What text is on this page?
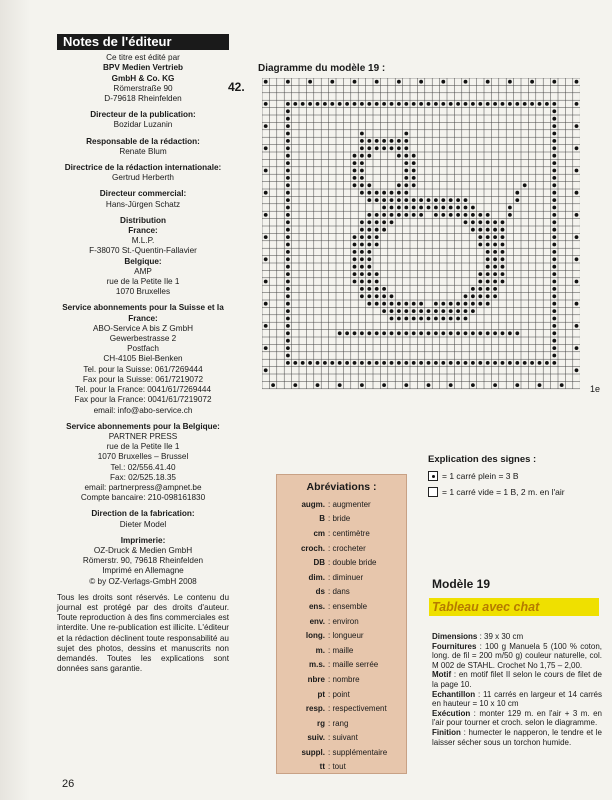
Notes de l'éditeur
Ce titre est édité par
BPV Medien Vertrieb
GmbH & Co. KG
Römerstraße 90
D-79618 Rheinfelden
Directeur de la publication:
Bozidar Luzanin
Responsable de la rédaction:
Renate Blum
Directrice de la rédaction internationale:
Gertrud Herberth
Directeur commercial:
Hans-Jürgen Schatz
Distribution
France:
M.L.P.
F-38070 St.-Quentin-Fallavier
Belgique:
AMP
rue de la Petite Ile 1
1070 Bruxelles
Service abonnements pour la Suisse et la France:
ABO-Service A bis Z GmbH
Gewerbestrasse 2
Postfach
CH-4105 Biel-Benken
Tel. pour la Suisse: 061/7269444
Fax pour la Suisse: 061/7219072
Tel. pour la France: 0041/61/7269444
Fax pour la France: 0041/61/7219072
email: info@abo-service.ch
Service abonnements pour la Belgique:
PARTNER PRESS
rue de la Petite Ile 1
1070 Bruxelles – Brussel
Tel.: 02/556.41.40
Fax: 02/525.18.35
email: partnerpress@ampnet.be
Compte bancaire: 210-098161830
Direction de la fabrication:
Dieter Model
Imprimerie:
OZ-Druck & Medien GmbH
Römerstr. 90, 79618 Rheinfelden
Imprimé en Allemagne
© by OZ-Verlags-GmbH 2008
Tous les droits sont réservés. Le contenu du journal est protégé par des droits d'auteur. Toute reproduction à des fins commerciales est interdite. Une re-publication est illicite. L'éditeur et la rédaction déclinent toute responsabilité au sujet des photos, dessins et manuscrits non demandés. Toutes les explications sont données sans garantie.
26
Diagramme du modèle 19 :
42.
1e
Explication des signes :
= 1 carré plein = 3 B
= 1 carré vide = 1 B, 2 m. en l'air
Abréviations :
augm. : augmenter
B : bride
cm : centimètre
croch. : crocheter
DB : double bride
dim. : diminuer
ds : dans
ens. : ensemble
env. : environ
long. : longueur
m. : maille
m.s. : maille serrée
nbre : nombre
pt : point
resp. : respectivement
rg : rang
suiv. : suivant
suppl. : supplémentaire
tt : tout
Modèle 19
Tableau avec chat
Dimensions : 39 x 30 cm
Fournitures : 100 g Manuela 5 (100 % coton, long. de fil = 200 m/50 g) couleur naturelle, col. M 002 de STAHL. Crochet No 1,75 – 2,00.
Motif : en motif filet II selon le cours de filet de la page 10.
Echantillon : 11 carrés en largeur et 14 carrés en hauteur = 10 x 10 cm
Exécution : monter 129 m. en l'air + 3 m. en l'air pour tourner et croch. selon le diagramme.
Finition : humecter le napperon, le tendre et le laisser sécher sous un torchon humide.
